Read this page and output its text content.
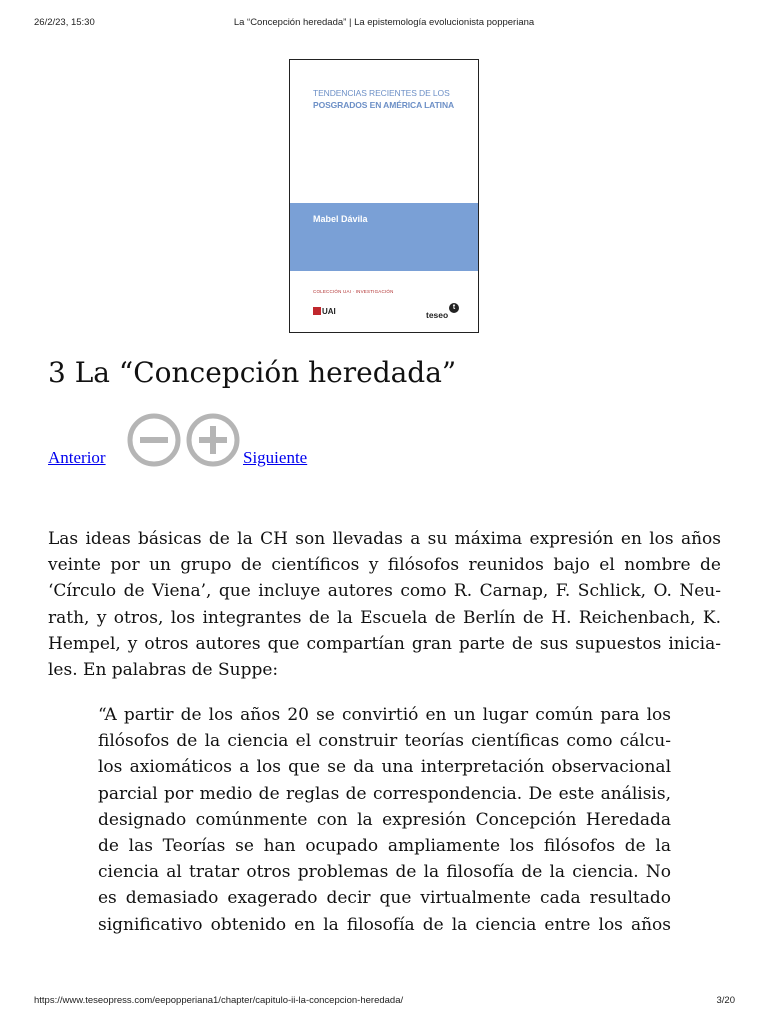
26/2/23, 15:30	La “Concepción heredada” | La epistemología evolucionista popperiana
TENDENCIAS RECIENTES DE LOS
POSGRADOS EN AMÉRICA LATINA
Mabel Dávila
COLECCIÓN UAI · INVESTIGACIÓN
UAI	teseo
t
3 La “Concepción heredada”
Anterior	Siguiente

Las ideas básicas de la CH son llevadas a su máxima expresión en los años

veinte por un grupo de científicos y filósofos reunidos bajo el nombre de

‘Círculo de Viena’, que incluye autores como R. Carnap, F. Schlick, O. Neu-

rath, y otros, los integrantes de la Escuela de Berlín de H. Reichenbach, K.

Hempel, y otros autores que compartían gran parte de sus supuestos inicia-

les. En palabras de Suppe:

“A partir de los años 20 se convirtió en un lugar común para los

filósofos de la ciencia el construir teorías científicas como cálcu-

los axiomáticos a los que se da una interpretación observacional

parcial por medio de reglas de correspondencia. De este análisis,

designado comúnmente con la expresión Concepción Heredada

de las Teorías se han ocupado ampliamente los filósofos de la

ciencia al tratar otros problemas de la filosofía de la ciencia. No

es demasiado exagerado decir que virtualmente cada resultado

significativo obtenido en la filosofía de la ciencia entre los años

https://www.teseopress.com/eepopperiana1/chapter/capitulo-ii-la-concepcion-heredada/	3/20
